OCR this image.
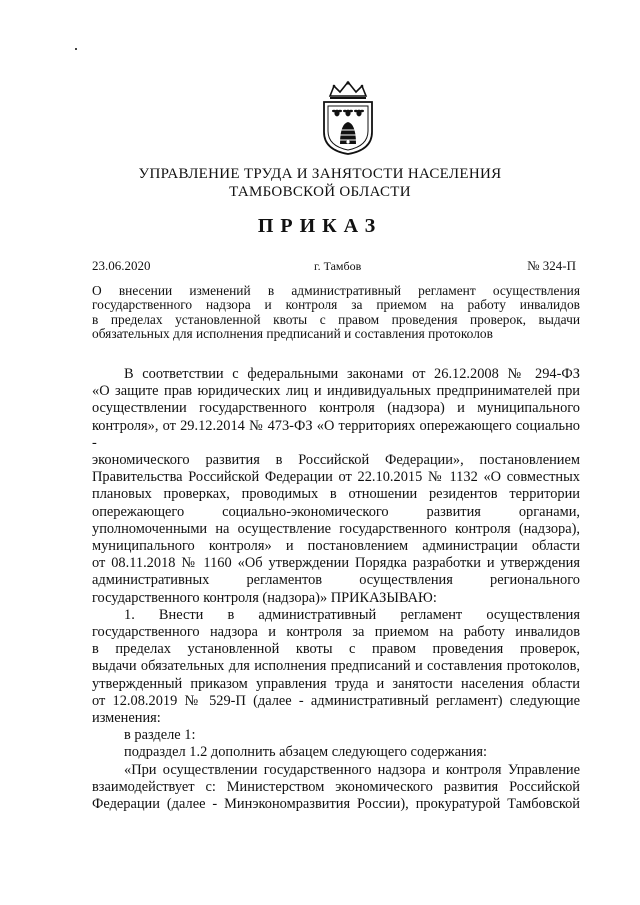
УПРАВЛЕНИЕ ТРУДА И ЗАНЯТОСТИ НАСЕЛЕНИЯ
ТАМБОВСКОЙ ОБЛАСТИ
ПРИКАЗ
23.06.2020	г. Тамбов	№ 324-П
О внесении изменений в административный регламент осуществления
государственного надзора и контроля за приемом на работу инвалидов
в пределах установленной квоты с правом проведения проверок, выдачи
обязательных для исполнения предписаний и составления протоколов
В соответствии с федеральными законами от 26.12.2008 № 294-ФЗ
«О защите прав юридических лиц и индивидуальных предпринимателей при
осуществлении государственного контроля (надзора) и муниципального
контроля», от 29.12.2014 № 473-ФЗ «О территориях опережающего социально -
экономического развития в Российской Федерации», постановлением
Правительства Российской Федерации от 22.10.2015 № 1132 «О совместных
плановых проверках, проводимых в отношении резидентов территории
опережающего социально-экономического развития органами,
уполномоченными на осуществление государственного контроля (надзора),
муниципального контроля» и постановлением администрации области
от 08.11.2018 № 1160 «Об утверждении Порядка разработки и утверждения
административных регламентов осуществления регионального
государственного контроля (надзора)» ПРИКАЗЫВАЮ:
1. Внести в административный регламент осуществления
государственного надзора и контроля за приемом на работу инвалидов
в пределах установленной квоты с правом проведения проверок,
выдачи обязательных для исполнения предписаний и составления протоколов,
утвержденный приказом управления труда и занятости населения области
от 12.08.2019 № 529-П (далее - административный регламент) следующие
изменения:
в разделе 1:
подраздел 1.2 дополнить абзацем следующего содержания:
«При осуществлении государственного надзора и контроля Управление
взаимодействует с: Министерством экономического развития Российской
Федерации (далее - Минэкономразвития России), прокуратурой Тамбовской
